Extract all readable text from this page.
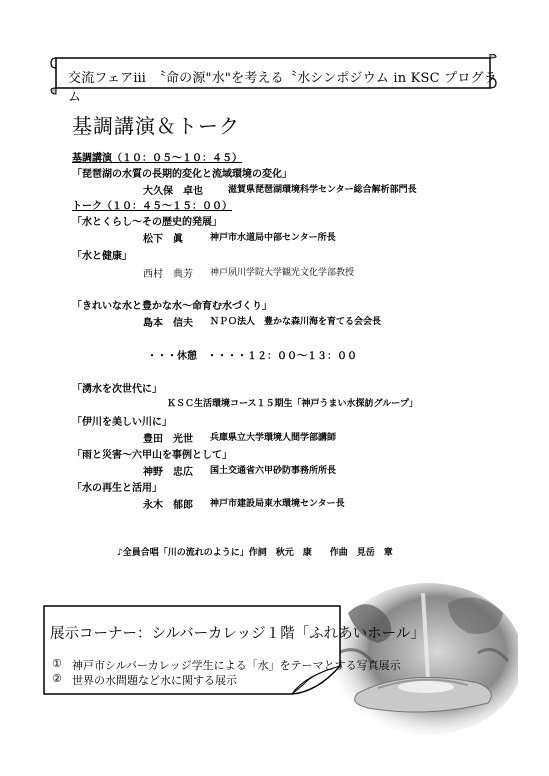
交流フェアⅲ　〝命の源"水"を考える〝水シンポジウム in KSC プログラム
基調講演＆トーク
基調講演（１０：０５〜１０：４５）
「琵琶湖の水質の長期的変化と流域環境の変化」
大久保　卓也	滋賀県琵琶湖環境科学センター総合解析部門長
トーク（１０：４５〜１５：００）
「水とくらし〜その歴史的発展」
松下　眞	神戸市水道局中部センター所長
「水と健康」
西村　典芳 神戸夙川学院大学観光文化学部教授
「きれいな水と豊かな水〜命育む水づくり」
島本　信夫 ＮＰＯ法人　豊かな森川海を育てる会会長
・・・休憩　・・・・１２：００〜１３：００
「湧水を次世代に」
ＫＳＣ生活環境コース１５期生「神戸うまい水探訪グループ」
「伊川を美しい川に」
豊田　光世 兵庫県立大学環境人間学部講師
「雨と災害〜六甲山を事例として」
神野　忠広 国土交通省六甲砂防事務所所長
「水の再生と活用」
永木　郁郎 神戸市建設局東水環境センター長
♪全員合唱「川の流れのように」作詞　秋元　康　　作曲　見岳　章
展示コーナー：シルバーカレッジ１階「ふれあいホール」
① 神戸市シルバーカレッジ学生による「水」をテーマとする写真展示
② 世界の水問題など水に関する展示
